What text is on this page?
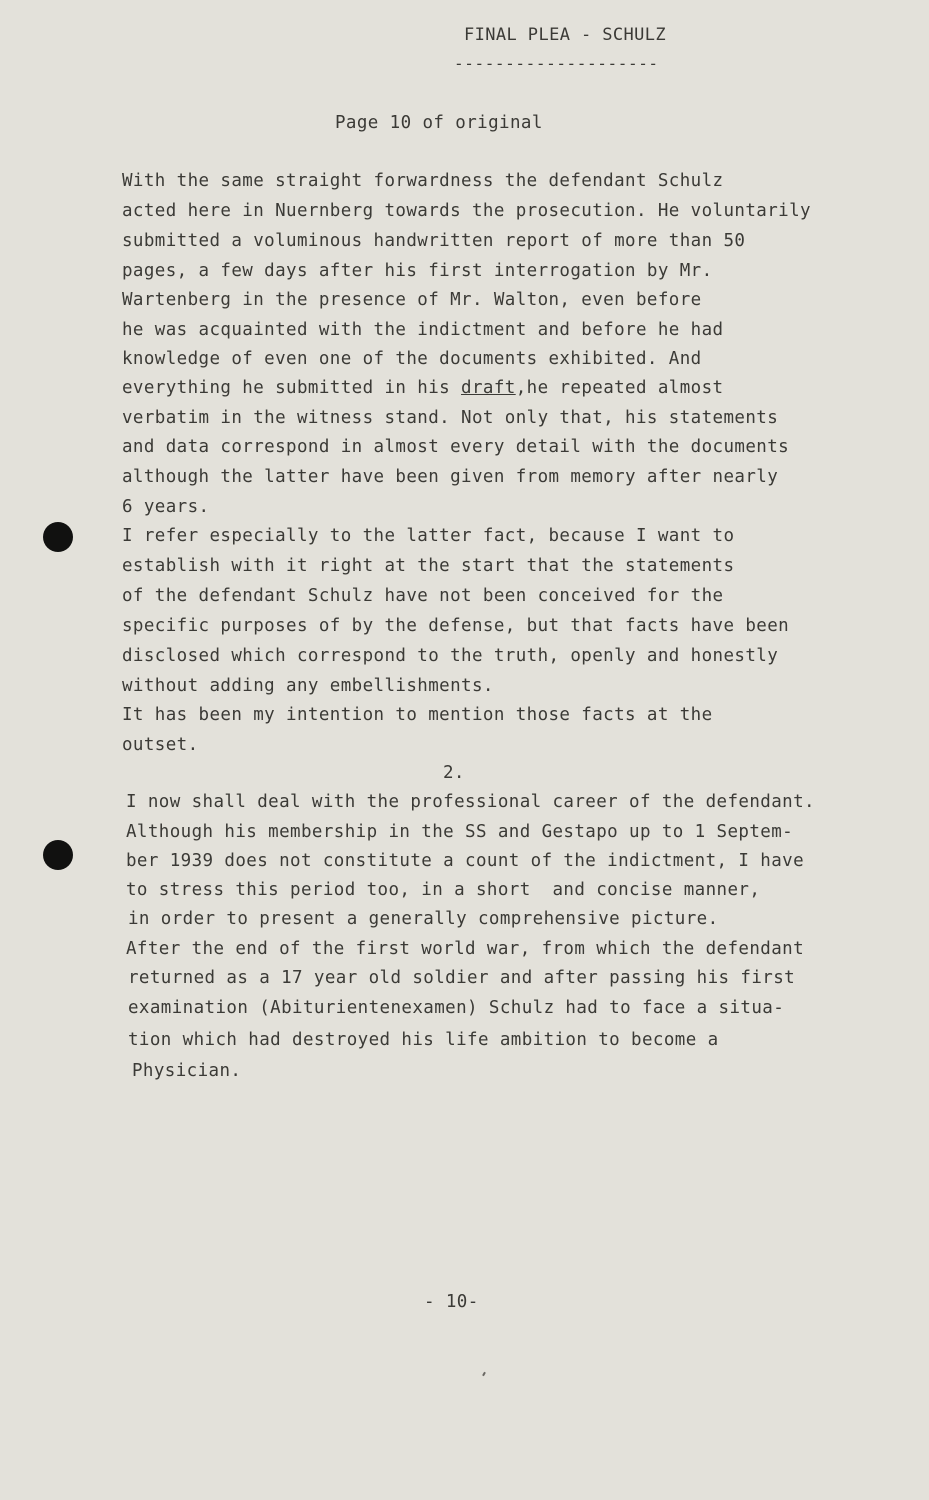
FINAL PLEA - SCHULZ

--------------------

Page 10 of original

With the same straight forwardness the defendant Schulz

acted here in Nuernberg towards the prosecution. He voluntarily

submitted a voluminous handwritten report of more than 50

pages, a few days after his first interrogation by Mr.

Wartenberg in the presence of Mr. Walton, even before

he was acquainted with the indictment and before he had

knowledge of even one of the documents exhibited. And

everything he submitted in his draft,he repeated almost

verbatim in the witness stand. Not only that, his statements

and data correspond in almost every detail with the documents

although the latter have been given from memory after nearly

6 years.

I refer especially to the latter fact, because I want to

establish with it right at the start that the statements

of the defendant Schulz have not been conceived for the

specific purposes of by the defense, but that facts have been

disclosed which correspond to the truth, openly and honestly

without adding any embellishments.

It has been my intention to mention those facts at the

outset.

2.

I now shall deal with the professional career of the defendant.

Although his membership in the SS and Gestapo up to 1 Septem-

ber 1939 does not constitute a count of the indictment, I have

to stress this period too, in a short  and concise manner,

in order to present a generally comprehensive picture.

After the end of the first world war, from which the defendant

returned as a 17 year old soldier and after passing his first

examination (Abiturientenexamen) Schulz had to face a situa-

tion which had destroyed his life ambition to become a

Physician.

- 10-
